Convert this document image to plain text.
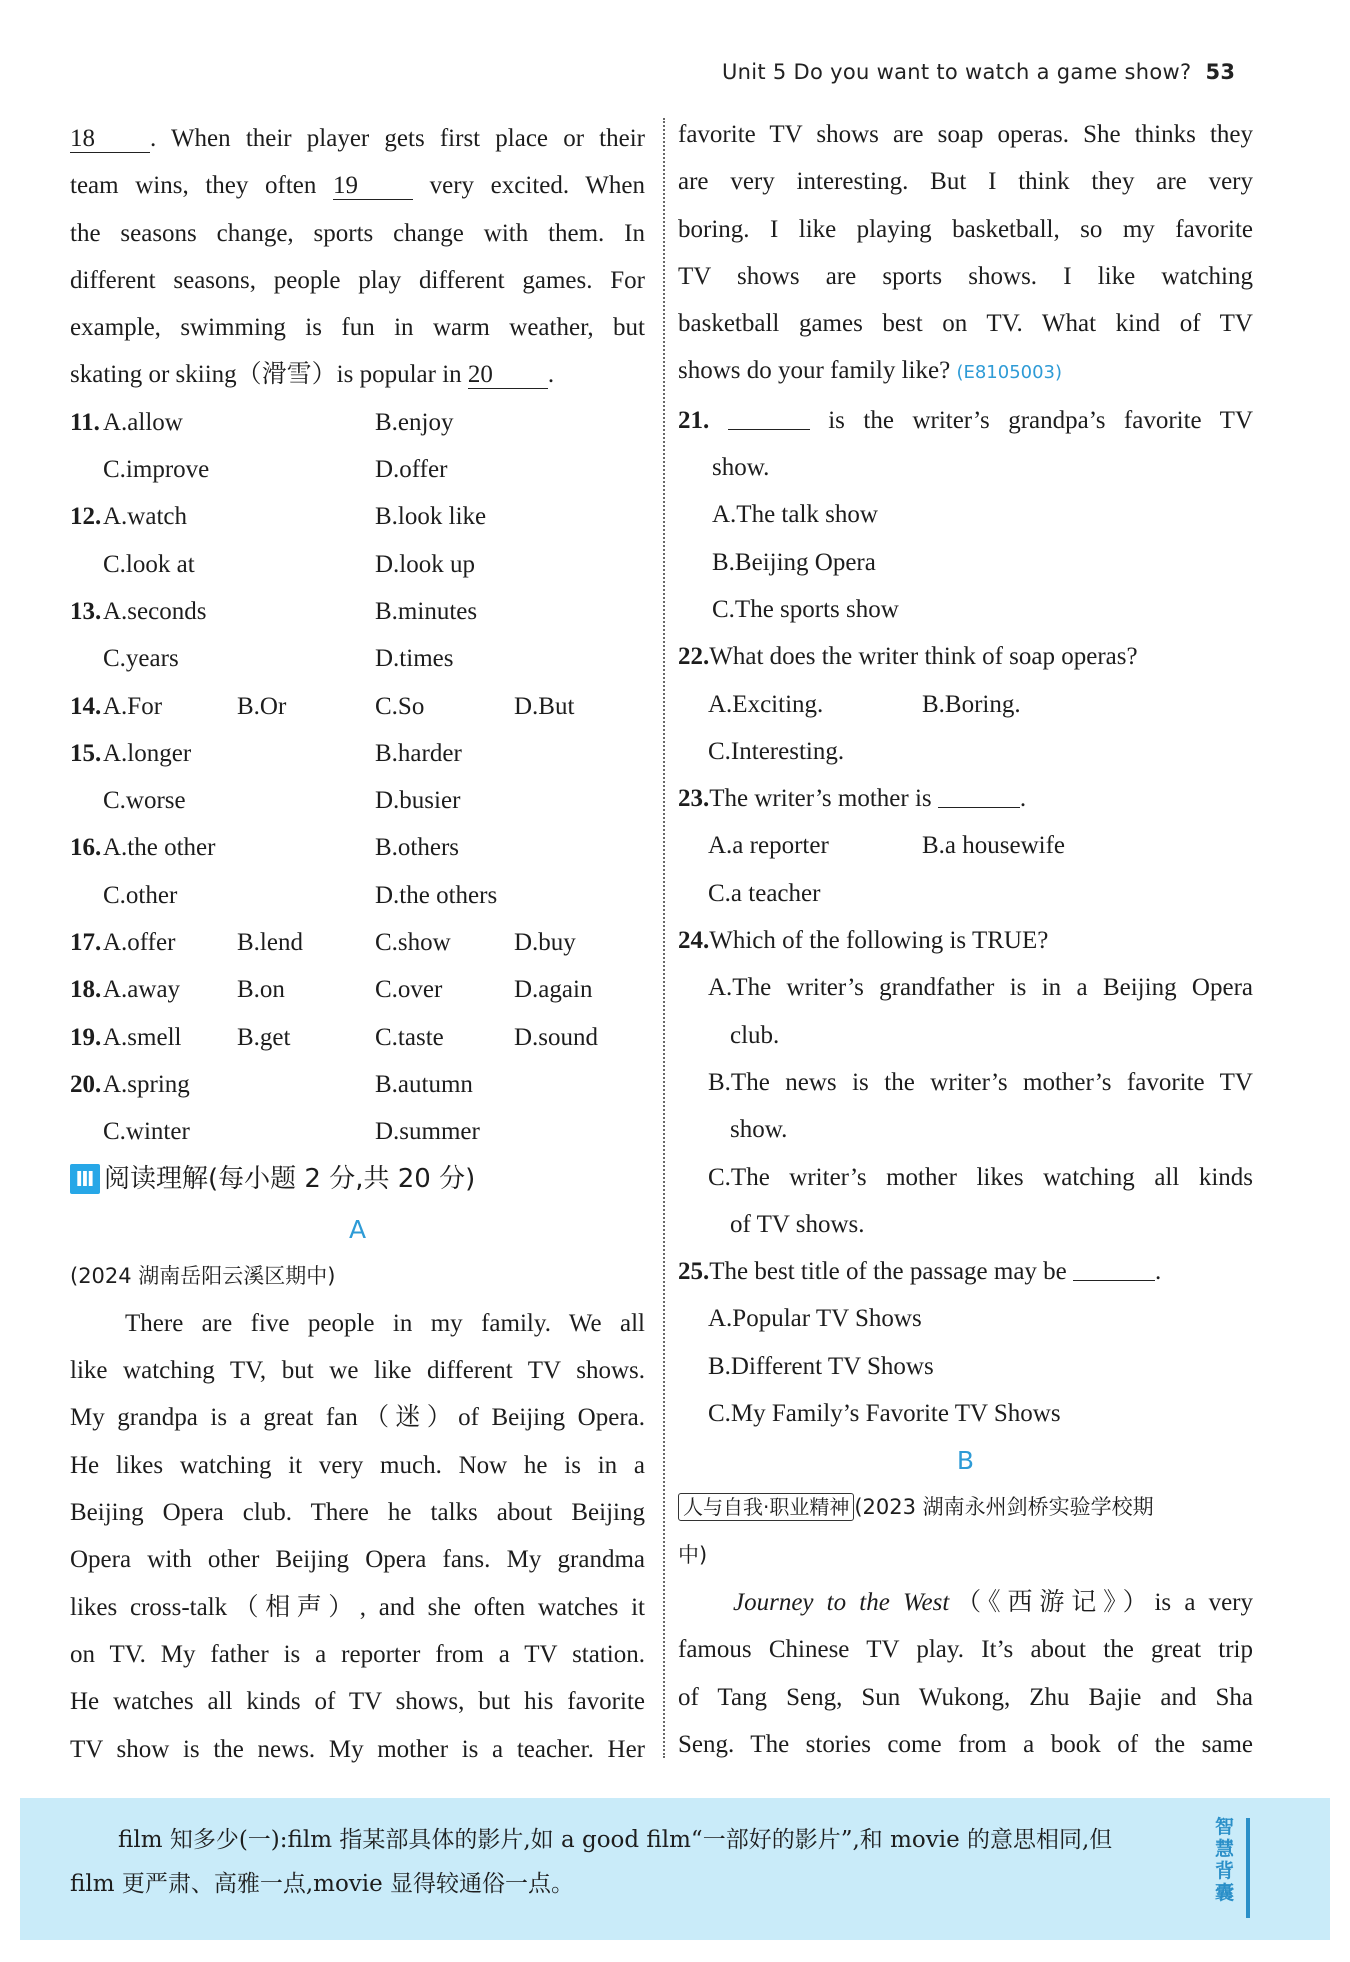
Unit 5 Do you want to watch a game show? 53

18 . When their player gets first place or their

team wins, they often 19 very excited. When

the seasons change, sports change with them. In

different seasons, people play different games. For

example, swimming is fun in warm weather, but

skating or skiing（滑雪）is popular in 20 .

11. A.allow	B.enjoy
C.improve	D.offer
12. A.watch	B.look like
C.look at	D.look up
13. A.seconds	B.minutes
C.years	D.times
14. A.For	B.Or	C.So	D.But
15. A.longer	B.harder
C.worse	D.busier
16. A.the other	B.others
C.other	D.the others
17. A.offer B.lend	C.show	D.buy
18. A.away B.on	C.over	D.again
19. A.smell B.get	C.taste	D.sound
20. A.spring	B.autumn
C.winter	D.summer
Ⅲ 阅读理解(每小题 2 分,共 20 分)
A
(2024 湖南岳阳云溪区期中)

There are five people in my family. We all

like watching TV, but we like different TV shows.

My grandpa is a great fan（迷）of Beijing Opera.

He likes watching it very much. Now he is in a

Beijing Opera club. There he talks about Beijing

Opera with other Beijing Opera fans. My grandma

likes cross-talk（相声）, and she often watches it

on TV. My father is a reporter from a TV station.

He watches all kinds of TV shows, but his favorite

TV show is the news. My mother is a teacher. Her

favorite TV shows are soap operas. She thinks they

are very interesting. But I think they are very

boring. I like playing basketball, so my favorite

TV shows are sports shows. I like watching

basketball games best on TV. What kind of TV

shows do your family like? (E8105003)

21.	is the writer’s grandpa’s favorite TV

show.
A.The talk show
B.Beijing Opera
C.The sports show
22.What does the writer think of soap operas?
A.Exciting.	B.Boring.
C.Interesting.
23.The writer’s mother is	.
A.a reporter	B.a housewife
C.a teacher
24.Which of the following is TRUE?

A.The writer’s grandfather is in a Beijing Opera

club.

B.The news is the writer’s mother’s favorite TV

show.

C.The writer’s mother likes watching all kinds

of TV shows.

25.The best title of the passage may be	.
A.Popular TV Shows
B.Different TV Shows
C.My Family’s Favorite TV Shows
B
人与自我·职业精神 (2023 湖南永州剑桥实验学校期
中)

Journey to the West（《西游记》）is a very

famous Chinese TV play. It’s about the great trip

of Tang Seng, Sun Wukong, Zhu Bajie and Sha

Seng. The stories come from a book of the same

film 知多少(一):film 指某部具体的影片,如 a good film“一部好的影片”,和 movie 的意思相同,但
film 更严肃、高雅一点,movie 显得较通俗一点。
智慧背囊
